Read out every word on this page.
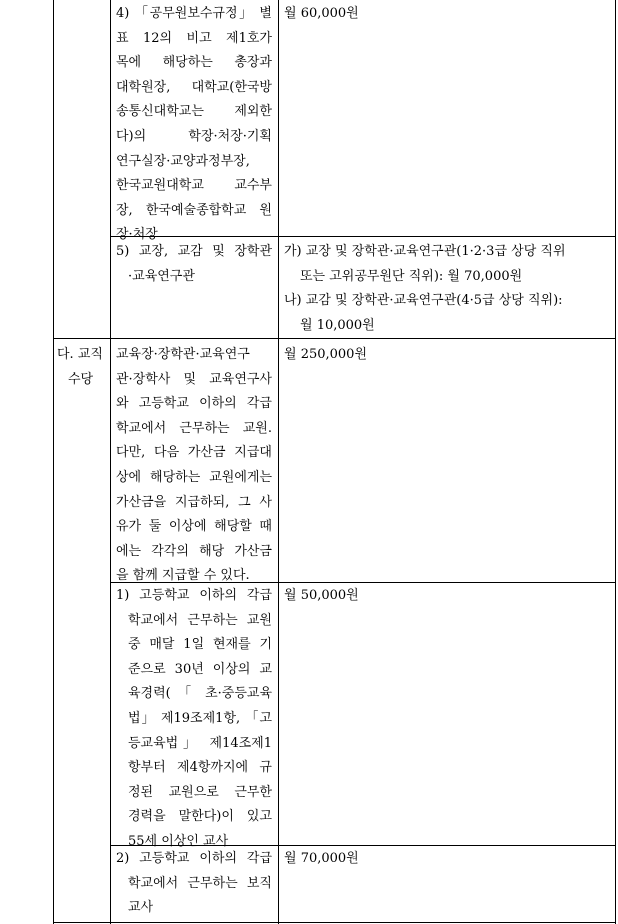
4) 「공무원보수규정」 별

표 12의 비고 제1호가

목에 해당하는 총장과

대학원장, 대학교(한국방

송통신대학교는 제외한

다)의 학장·처장·기획

연구실장·교양과정부장,

한국교원대학교 교수부

장, 한국예술종합학교 원

장·처장

월 60,000원

5) 교장, 교감 및 장학관

·교육연구관

가) 교장 및 장학관·교육연구관(1·2·3급 상당 직위

또는 고위공무원단 직위): 월 70,000원

나) 교감 및 장학관·교육연구관(4·5급 상당 직위):

월 10,000원

다. 교직

수당

교육장·장학관·교육연구

관·장학사 및 교육연구사

와 고등학교 이하의 각급

학교에서 근무하는 교원.

다만, 다음 가산금 지급대

상에 해당하는 교원에게는

가산금을 지급하되, 그 사

유가 둘 이상에 해당할 때

에는 각각의 해당 가산금

을 함께 지급할 수 있다.

월 250,000원

1) 고등학교 이하의 각급

학교에서 근무하는 교원

중 매달 1일 현재를 기

준으로 30년 이상의 교

육경력(「초·중등교육

법」 제19조제1항, 「고

등교육법」 제14조제1

항부터 제4항까지에 규

정된 교원으로 근무한

경력을 말한다)이 있고

55세 이상인 교사

월 50,000원

2) 고등학교 이하의 각급

학교에서 근무하는 보직

교사

월 70,000원
